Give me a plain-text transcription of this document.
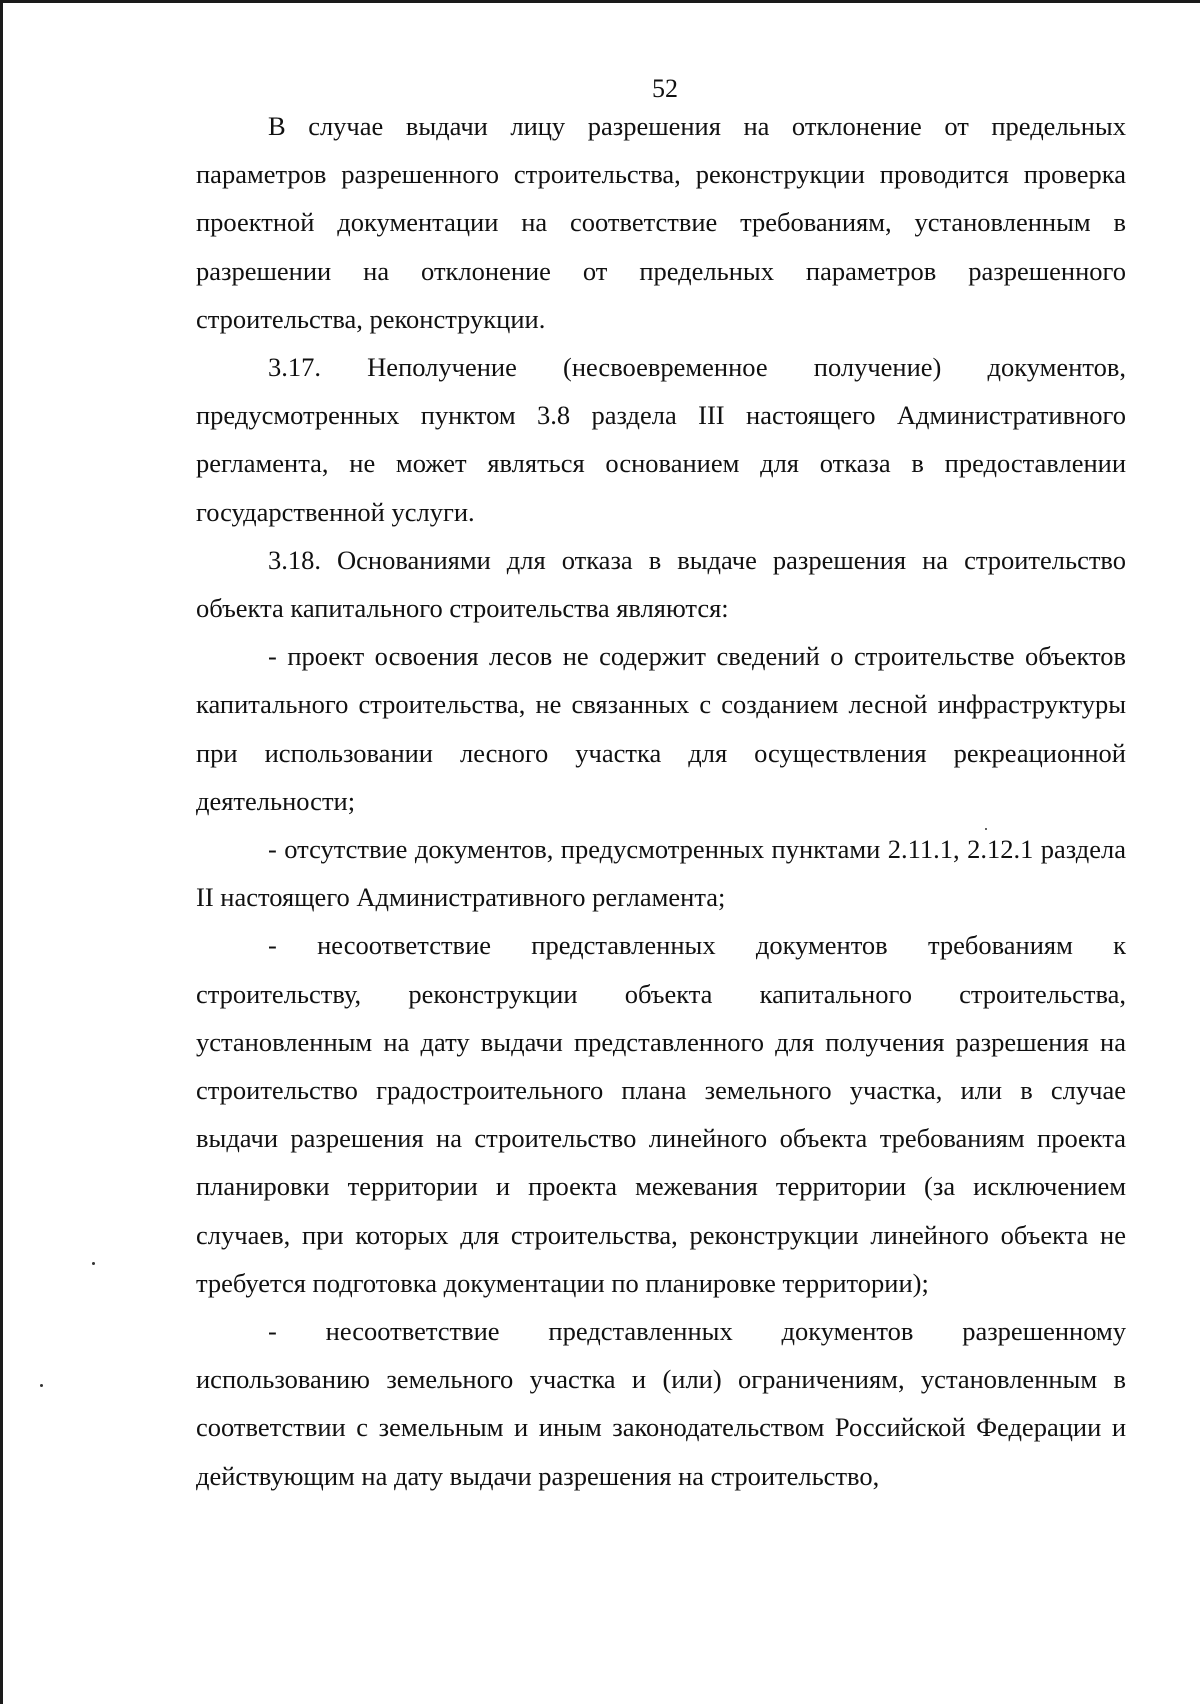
52

В случае выдачи лицу разрешения на отклонение от предельных параметров разрешенного строительства, реконструкции проводится проверка проектной документации на соответствие требованиям, установленным в разрешении на отклонение от предельных параметров разрешенного строительства, реконструкции.

3.17. Неполучение (несвоевременное получение) документов, предусмотренных пунктом 3.8 раздела III настоящего Административного регламента, не может являться основанием для отказа в предоставлении государственной услуги.

3.18. Основаниями для отказа в выдаче разрешения на строительство объекта капитального строительства являются:

- проект освоения лесов не содержит сведений о строительстве объектов капитального строительства, не связанных с созданием лесной инфраструктуры при использовании лесного участка для осуществления рекреационной деятельности;

- отсутствие документов, предусмотренных пунктами 2.11.1, 2.12.1 раздела II настоящего Административного регламента;

- несоответствие представленных документов требованиям к строительству, реконструкции объекта капитального строительства, установленным на дату выдачи представленного для получения разрешения на строительство градостроительного плана земельного участка, или в случае выдачи разрешения на строительство линейного объекта требованиям проекта планировки территории и проекта межевания территории (за исключением случаев, при которых для строительства, реконструкции линейного объекта не требуется подготовка документации по планировке территории);

- несоответствие представленных документов разрешенному использованию земельного участка и (или) ограничениям, установленным в соответствии с земельным и иным законодательством Российской Федерации и действующим на дату выдачи разрешения на строительство,
